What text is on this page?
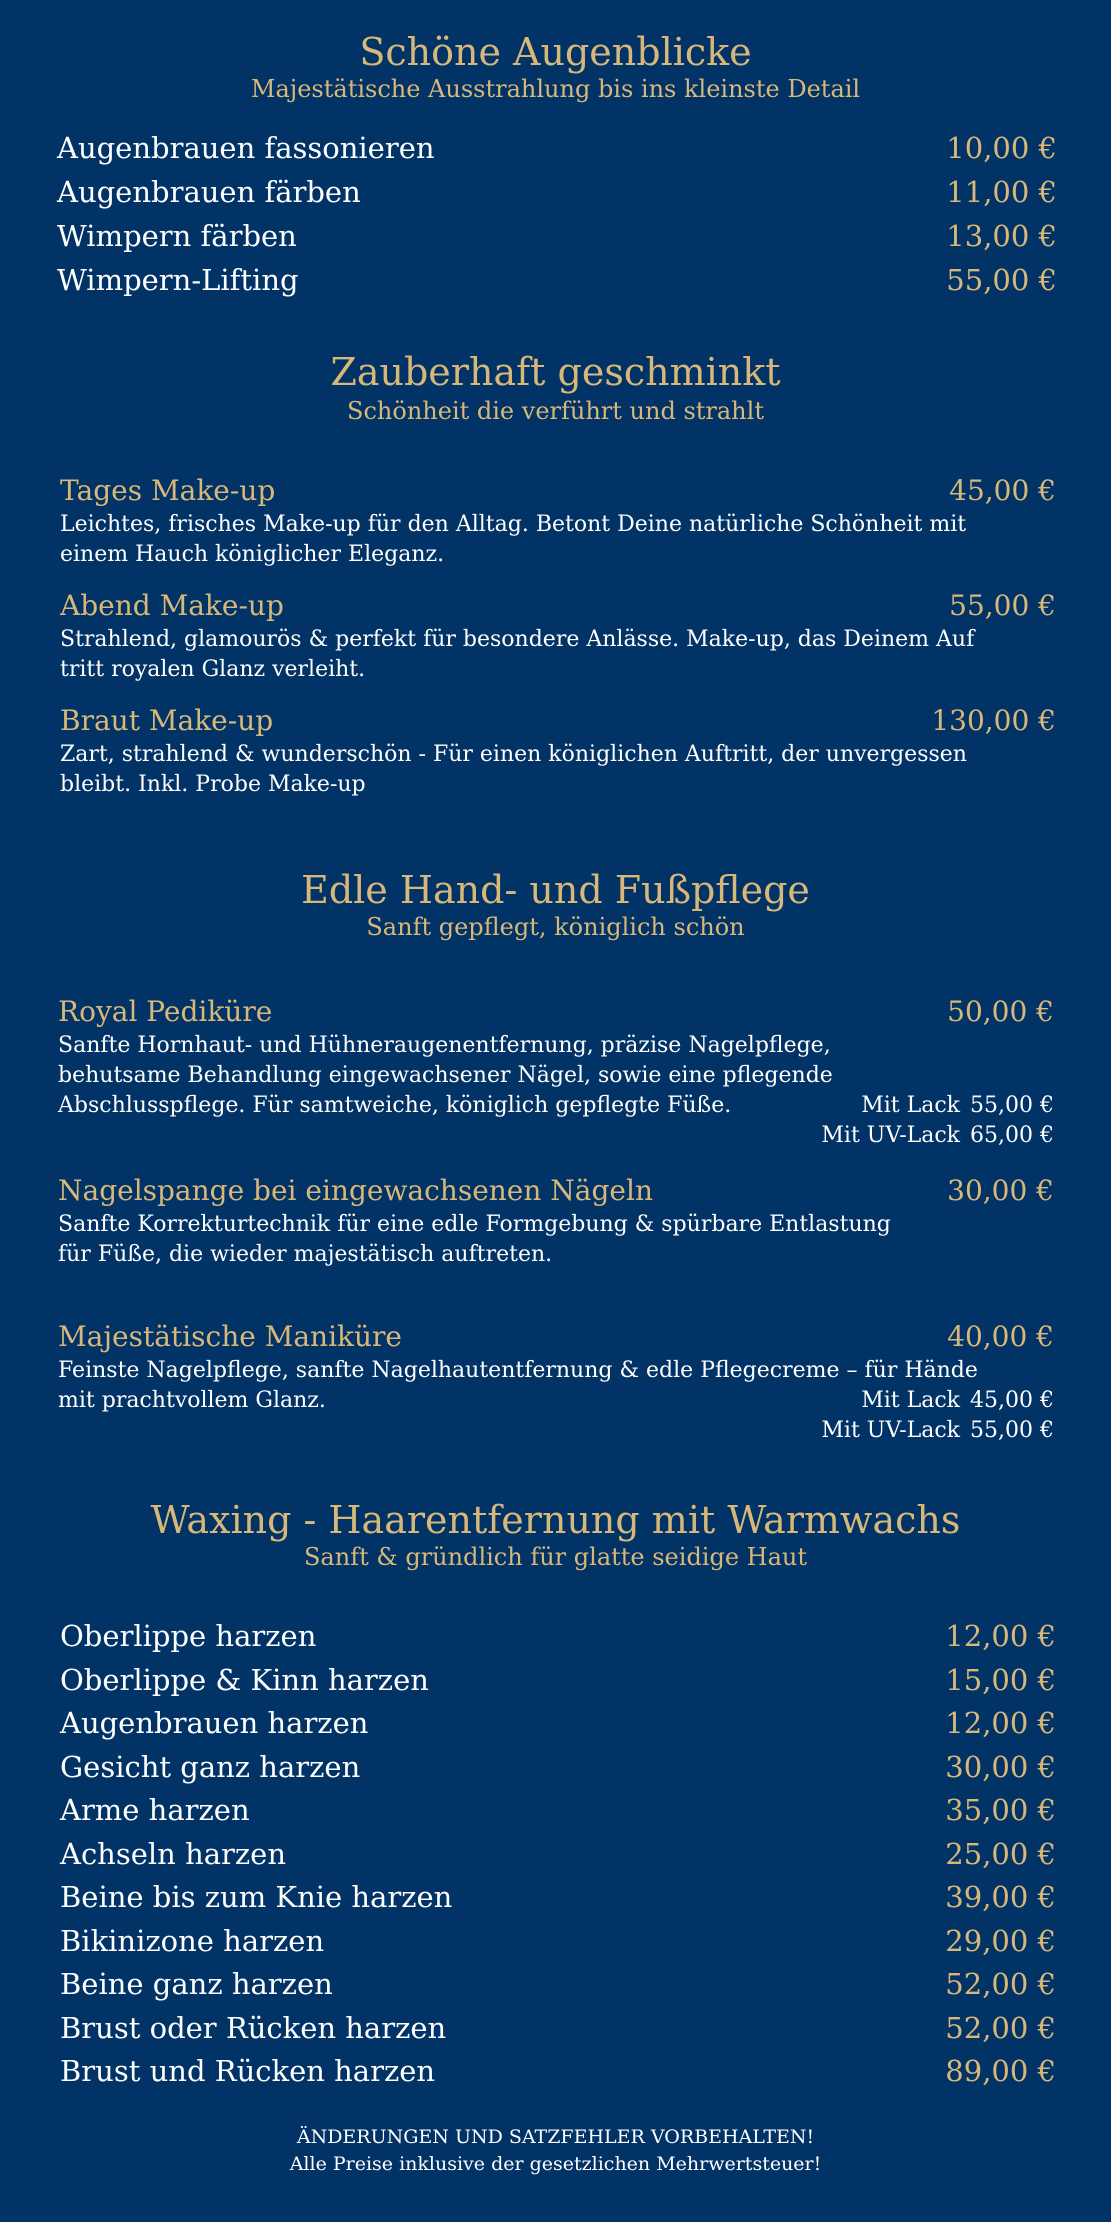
Schöne Augenblicke
Majestätische Ausstrahlung bis ins kleinste Detail
Augenbrauen fassonieren	10,00 €
Augenbrauen färben	11,00 €
Wimpern färben	13,00 €
Wimpern-Lifting	55,00 €
Zauberhaft geschminkt
Schönheit die verführt und strahlt
Tages Make-up	45,00 €

Leichtes, frisches Make-up für den Alltag. Betont Deine natürliche Schönheit mit einem Hauch königlicher Eleganz.

Abend Make-up	55,00 €

Strahlend, glamourös & perfekt für besondere Anlässe. Make-up, das Deinem Auf tritt royalen Glanz verleiht.

Braut Make-up	130,00 €

Zart, strahlend & wunderschön - Für einen königlichen Auftritt, der unvergessen bleibt. Inkl. Probe Make-up

Edle Hand- und Fußpflege
Sanft gepflegt, königlich schön
Royal Pediküre	50,00 €

Sanfte Hornhaut- und Hühneraugenentfernung, präzise Nagelpflege, behutsame Behandlung eingewachsener Nägel, sowie eine pflegende Abschlusspflege. Für samtweiche, königlich gepflegte Füße.	Mit Lack 55,00 €
Mit UV-Lack 65,00 €
Nagelspange bei eingewachsenen Nägeln	30,00 €

Sanfte Korrekturtechnik für eine edle Formgebung & spürbare Entlastung für Füße, die wieder majestätisch auftreten.

Majestätische Maniküre	40,00 €

Feinste Nagelpflege, sanfte Nagelhautentfernung & edle Pflegecreme – für Hände mit prachtvollem Glanz.	Mit Lack 45,00 €
Mit UV-Lack 55,00 €
Waxing - Haarentfernung mit Warmwachs
Sanft & gründlich für glatte seidige Haut
Oberlippe harzen	12,00 €
Oberlippe & Kinn harzen	15,00 €
Augenbrauen harzen	12,00 €
Gesicht ganz harzen	30,00 €
Arme harzen	35,00 €
Achseln harzen	25,00 €
Beine bis zum Knie harzen	39,00 €
Bikinizone harzen	29,00 €
Beine ganz harzen	52,00 €
Brust oder Rücken harzen	52,00 €
Brust und Rücken harzen	89,00 €
ÄNDERUNGEN UND SATZFEHLER VORBEHALTEN!
Alle Preise inklusive der gesetzlichen Mehrwertsteuer!
